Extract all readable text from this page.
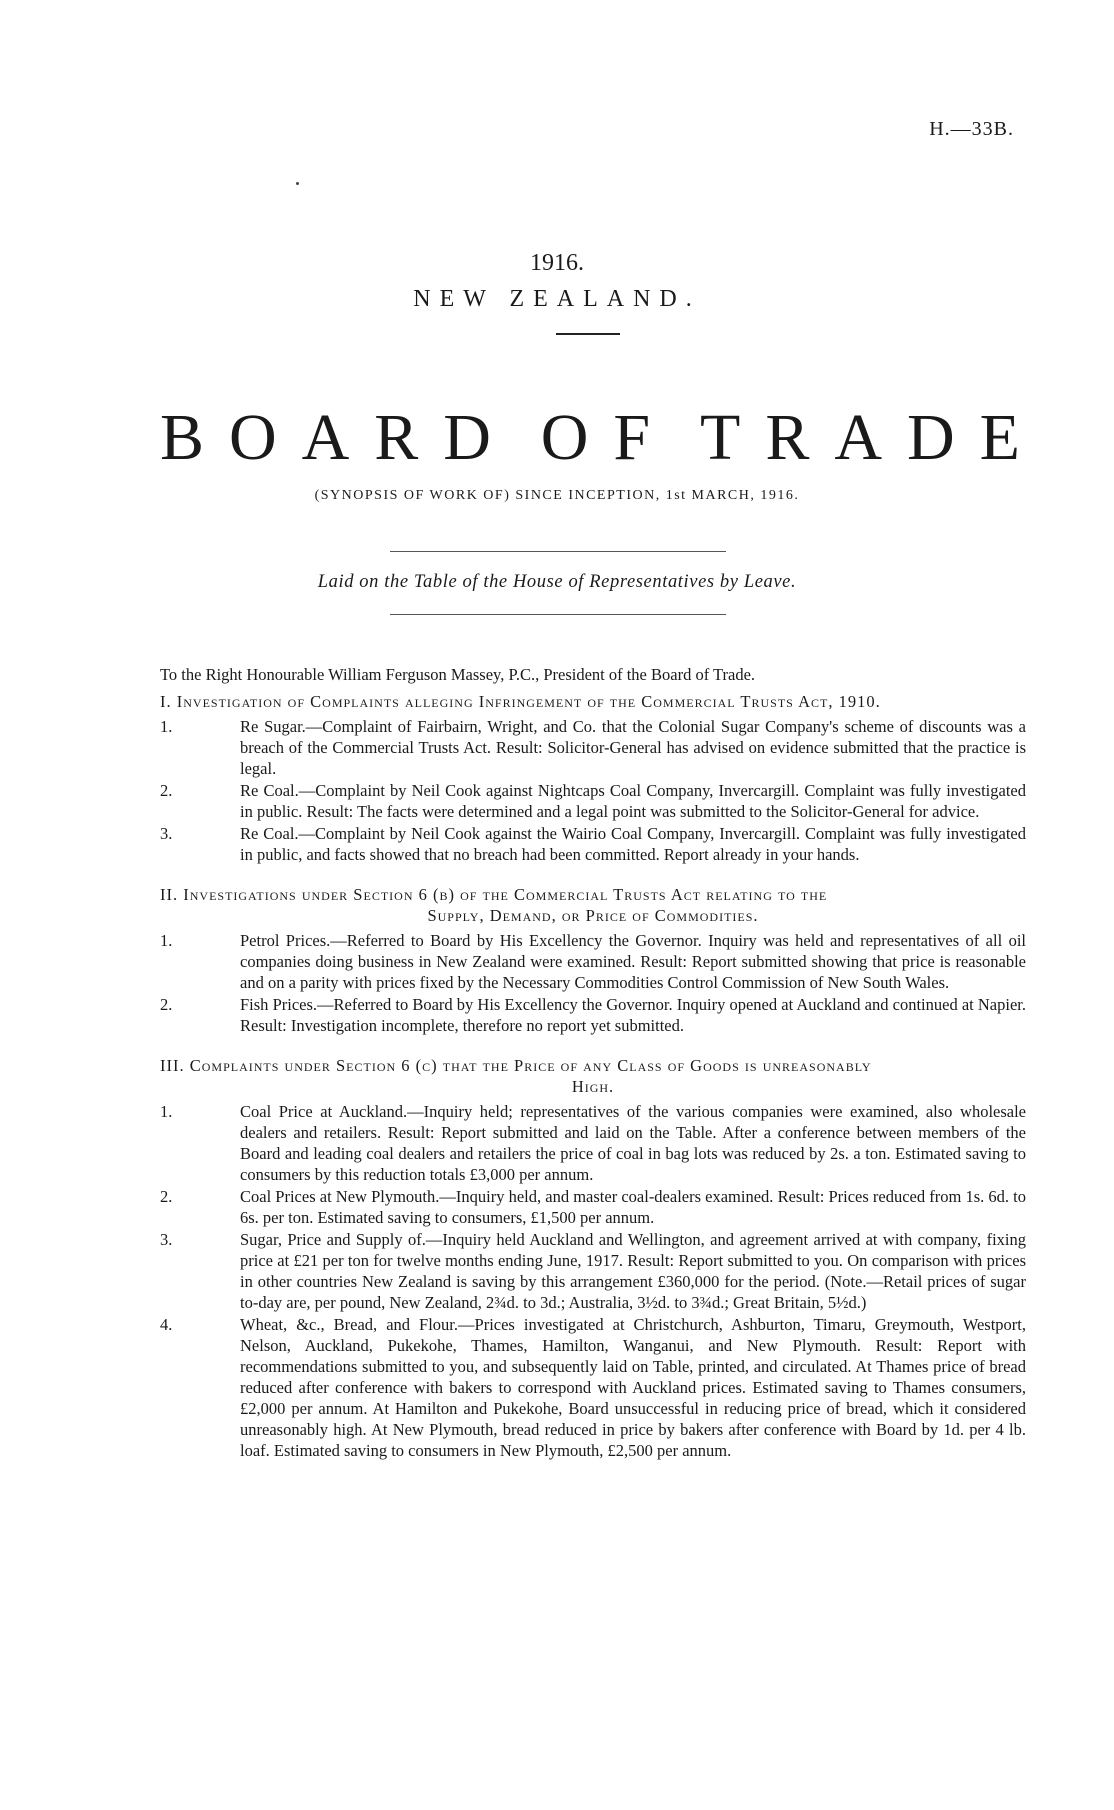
H.—33B.
1916.
NEW ZEALAND.
B O A R D O F T R A D E
(SYNOPSIS OF WORK OF) SINCE INCEPTION, 1st MARCH, 1916.
Laid on the Table of the House of Representatives by Leave.

To the Right Honourable William Ferguson Massey, P.C., President of the Board of Trade.

I. Investigation of Complaints alleging Infringement of the Commercial Trusts Act, 1910.

1.	Re Sugar.—Complaint of Fairbairn, Wright, and Co. that the Colonial Sugar Company's scheme of discounts was a breach of the Commercial Trusts Act. Result: Solicitor-General has advised on evidence submitted that the practice is legal.

2.	Re Coal.—Complaint by Neil Cook against Nightcaps Coal Company, Invercargill. Complaint was fully investigated in public. Result: The facts were determined and a legal point was submitted to the Solicitor-General for advice.

3.	Re Coal.—Complaint by Neil Cook against the Wairio Coal Company, Invercargill. Complaint was fully investigated in public, and facts showed that no breach had been committed. Report already in your hands.

II. Investigations under Section 6 (b) of the Commercial Trusts Act relating to the
Supply, Demand, or Price of Commodities.

1.	Petrol Prices.—Referred to Board by His Excellency the Governor. Inquiry was held and representatives of all oil companies doing business in New Zealand were examined. Result: Report submitted showing that price is reasonable and on a parity with prices fixed by the Necessary Commodities Control Commission of New South Wales.

2.	Fish Prices.—Referred to Board by His Excellency the Governor. Inquiry opened at Auckland and continued at Napier. Result: Investigation incomplete, therefore no report yet submitted.

III. Complaints under Section 6 (c) that the Price of any Class of Goods is unreasonably
High.

1.	Coal Price at Auckland.—Inquiry held; representatives of the various companies were examined, also wholesale dealers and retailers. Result: Report submitted and laid on the Table. After a conference between members of the Board and leading coal dealers and retailers the price of coal in bag lots was reduced by 2s. a ton. Estimated saving to consumers by this reduction totals £3,000 per annum.

2.	Coal Prices at New Plymouth.—Inquiry held, and master coal-dealers examined. Result: Prices reduced from 1s. 6d. to 6s. per ton. Estimated saving to consumers, £1,500 per annum.

3.	Sugar, Price and Supply of.—Inquiry held Auckland and Wellington, and agreement arrived at with company, fixing price at £21 per ton for twelve months ending June, 1917. Result: Report submitted to you. On comparison with prices in other countries New Zealand is saving by this arrangement £360,000 for the period. (Note.—Retail prices of sugar to-day are, per pound, New Zealand, 2¾d. to 3d.; Australia, 3½d. to 3¾d.; Great Britain, 5½d.)

4.	Wheat, &c., Bread, and Flour.—Prices investigated at Christchurch, Ashburton, Timaru, Greymouth, Westport, Nelson, Auckland, Pukekohe, Thames, Hamilton, Wanganui, and New Plymouth. Result: Report with recommendations submitted to you, and subsequently laid on Table, printed, and circulated. At Thames price of bread reduced after conference with bakers to correspond with Auckland prices. Estimated saving to Thames consumers, £2,000 per annum. At Hamilton and Pukekohe, Board unsuccessful in reducing price of bread, which it considered unreasonably high. At New Plymouth, bread reduced in price by bakers after conference with Board by 1d. per 4 lb. loaf. Estimated saving to consumers in New Plymouth, £2,500 per annum.
